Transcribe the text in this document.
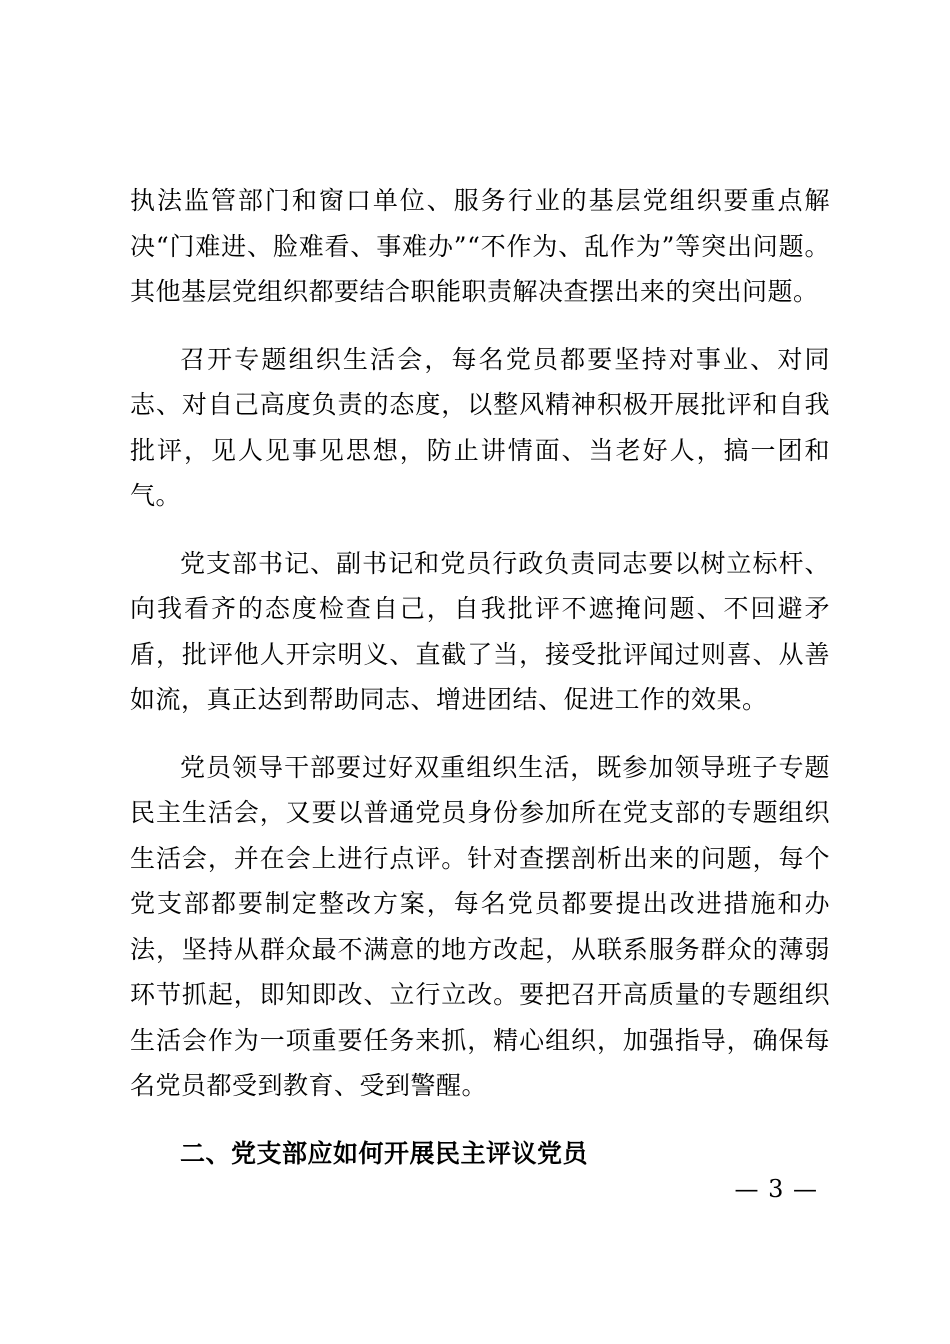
执法监管部门和窗口单位、服务行业的基层党组织要重点解决“门难进、脸难看、事难办”“不作为、乱作为”等突出问题。其他基层党组织都要结合职能职责解决查摆出来的突出问题。

召开专题组织生活会，每名党员都要坚持对事业、对同志、对自己高度负责的态度，以整风精神积极开展批评和自我批评，见人见事见思想，防止讲情面、当老好人，搞一团和气。

党支部书记、副书记和党员行政负责同志要以树立标杆、向我看齐的态度检查自己，自我批评不遮掩问题、不回避矛盾，批评他人开宗明义、直截了当，接受批评闻过则喜、从善如流，真正达到帮助同志、增进团结、促进工作的效果。

党员领导干部要过好双重组织生活，既参加领导班子专题民主生活会，又要以普通党员身份参加所在党支部的专题组织生活会，并在会上进行点评。针对查摆剖析出来的问题，每个党支部都要制定整改方案，每名党员都要提出改进措施和办法，坚持从群众最不满意的地方改起，从联系服务群众的薄弱环节抓起，即知即改、立行立改。要把召开高质量的专题组织生活会作为一项重要任务来抓，精心组织，加强指导，确保每名党员都受到教育、受到警醒。

二、党支部应如何开展民主评议党员

— 3 —
